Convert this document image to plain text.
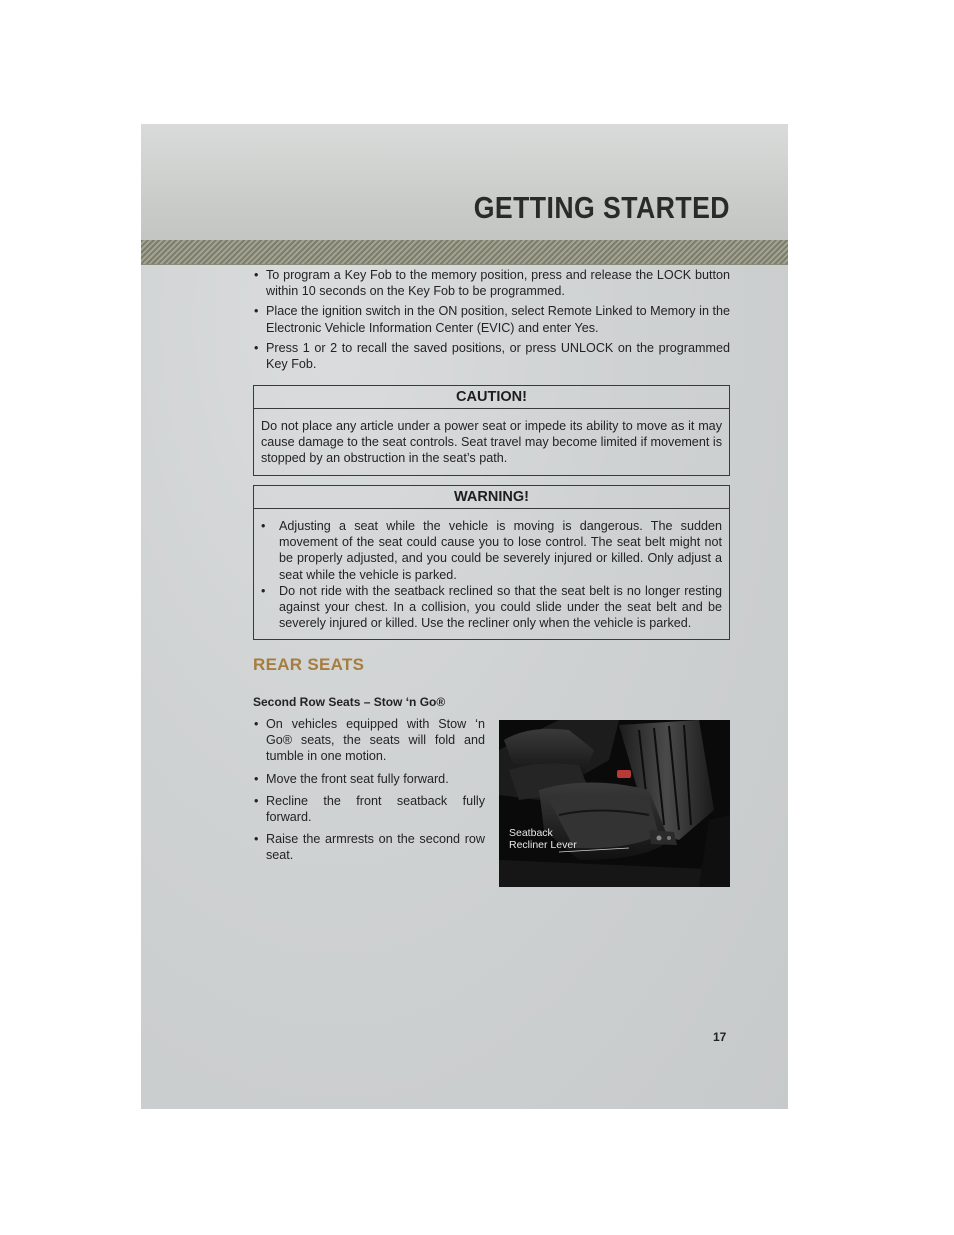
GETTING STARTED
• To program a Key Fob to the memory position, press and release the LOCK button within 10 seconds on the Key Fob to be programmed.
• Place the ignition switch in the ON position, select Remote Linked to Memory in the Electronic Vehicle Information Center (EVIC) and enter Yes.
• Press 1 or 2 to recall the saved positions, or press UNLOCK on the programmed Key Fob.
CAUTION!
Do not place any article under a power seat or impede its ability to move as it may cause damage to the seat controls. Seat travel may become limited if movement is stopped by an obstruction in the seat’s path.
WARNING!
• Adjusting a seat while the vehicle is moving is dangerous. The sudden movement of the seat could cause you to lose control. The seat belt might not be properly adjusted, and you could be severely injured or killed. Only adjust a seat while the vehicle is parked.
• Do not ride with the seatback reclined so that the seat belt is no longer resting against your chest. In a collision, you could slide under the seat belt and be severely injured or killed. Use the recliner only when the vehicle is parked.
REAR SEATS
Second Row Seats – Stow ‘n Go®
• On vehicles equipped with Stow ‘n Go® seats, the seats will fold and tumble in one motion.
• Move the front seat fully forward.
• Recline the front seatback fully forward.
• Raise the armrests on the second row seat.
Seatback
Recliner Lever
17
